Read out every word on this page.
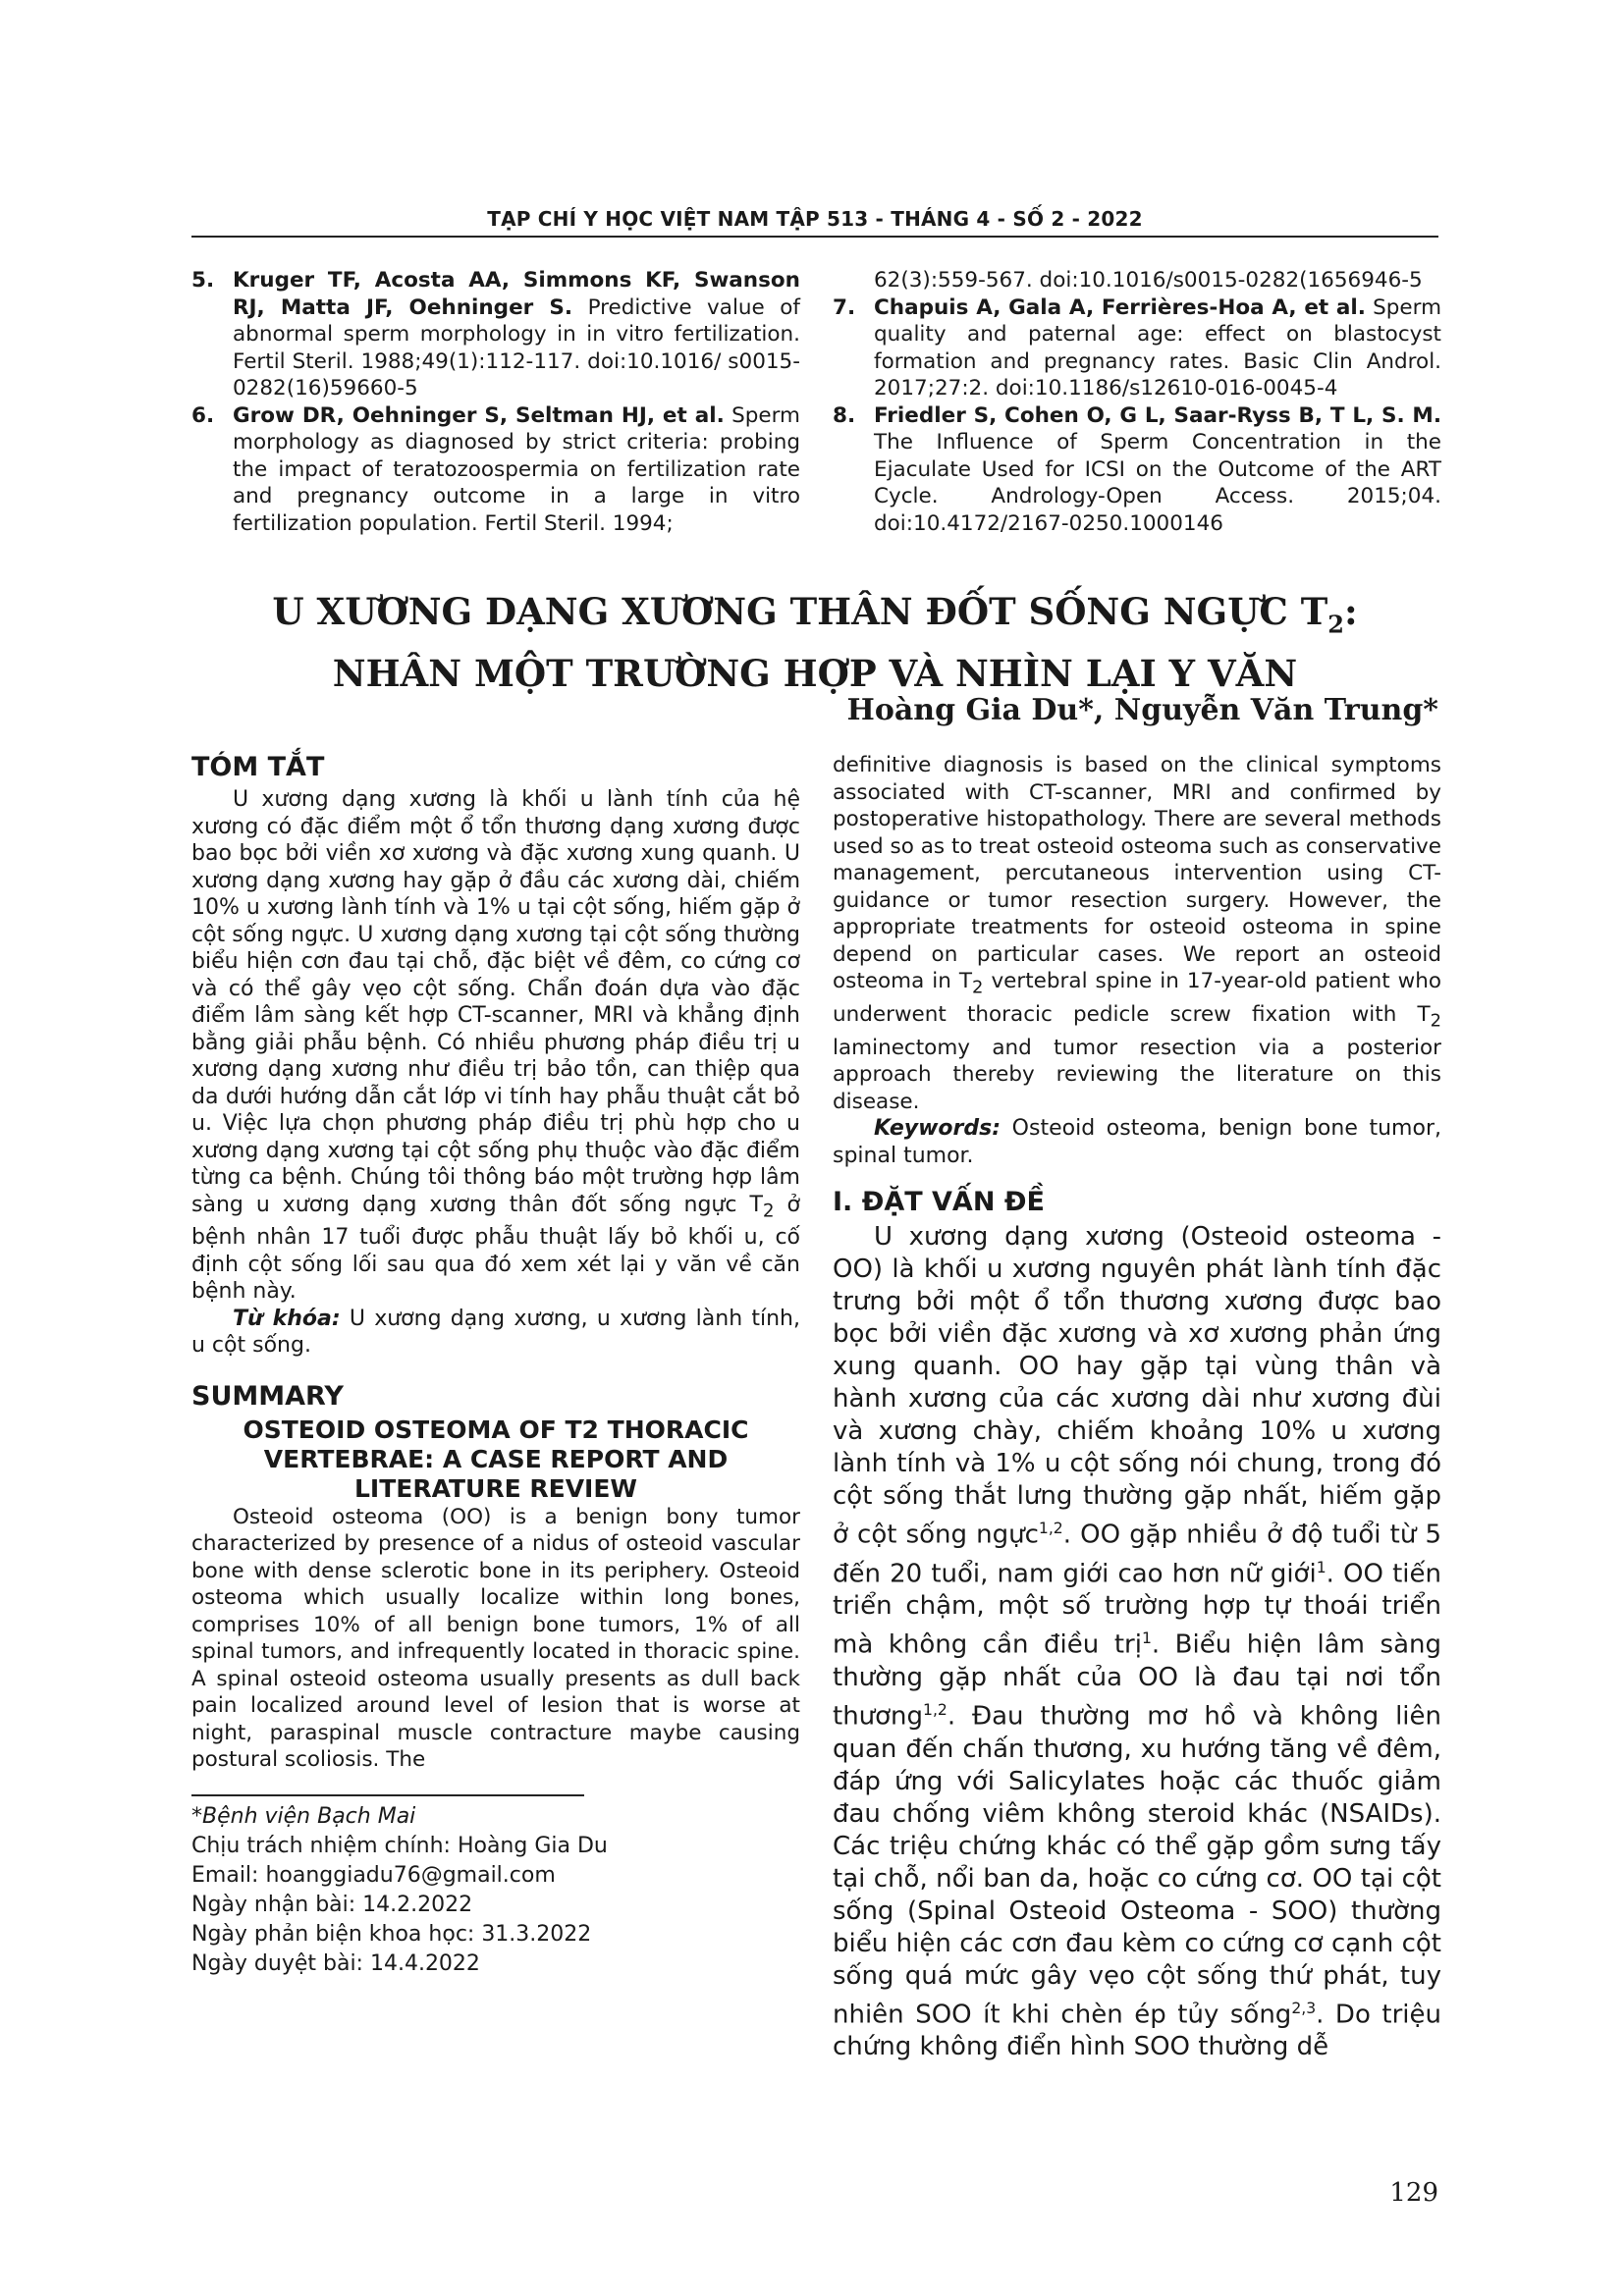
TẠP CHÍ Y HỌC VIỆT NAM TẬP 513 - THÁNG 4 - SỐ 2 - 2022

5. Kruger TF, Acosta AA, Simmons KF, Swanson RJ, Matta JF, Oehninger S. Predictive value of abnormal sperm morphology in in vitro fertilization. Fertil Steril. 1988;49(1):112-117. doi:10.1016/ s0015-0282(16)59660-5

6. Grow DR, Oehninger S, Seltman HJ, et al. Sperm morphology as diagnosed by strict criteria: probing the impact of teratozoospermia on fertilization rate and pregnancy outcome in a large in vitro fertilization population. Fertil Steril. 1994;

62(3):559-567. doi:10.1016/s0015-0282(1656946-5

7. Chapuis A, Gala A, Ferrières-Hoa A, et al. Sperm quality and paternal age: effect on blastocyst formation and pregnancy rates. Basic Clin Androl. 2017;27:2. doi:10.1186/s12610-016-0045-4

8. Friedler S, Cohen O, G L, Saar-Ryss B, T L, S. M. The Influence of Sperm Concentration in the Ejaculate Used for ICSI on the Outcome of the ART Cycle. Andrology-Open Access. 2015;04. doi:10.4172/2167-0250.1000146

U XƯƠNG DẠNG XƯƠNG THÂN ĐỐT SỐNG NGỰC $T_2$:
NHÂN MỘT TRƯỜNG HỢP VÀ NHÌN LẠI Y VĂN
Hoàng Gia Du*, Nguyễn Văn Trung*
TÓM TẮT

U xương dạng xương là khối u lành tính của hệ xương có đặc điểm một ổ tổn thương dạng xương được bao bọc bởi viền xơ xương và đặc xương xung quanh. U xương dạng xương hay gặp ở đầu các xương dài, chiếm 10% u xương lành tính và 1% u tại cột sống, hiếm gặp ở cột sống ngực. U xương dạng xương tại cột sống thường biểu hiện cơn đau tại chỗ, đặc biệt về đêm, co cứng cơ và có thể gây vẹo cột sống. Chẩn đoán dựa vào đặc điểm lâm sàng kết hợp CT-scanner, MRI và khẳng định bằng giải phẫu bệnh. Có nhiều phương pháp điều trị u xương dạng xương như điều trị bảo tồn, can thiệp qua da dưới hướng dẫn cắt lớp vi tính hay phẫu thuật cắt bỏ u. Việc lựa chọn phương pháp điều trị phù hợp cho u xương dạng xương tại cột sống phụ thuộc vào đặc điểm từng ca bệnh. Chúng tôi thông báo một trường hợp lâm sàng u xương dạng xương thân đốt sống ngực $T_2$ ở bệnh nhân 17 tuổi được phẫu thuật lấy bỏ khối u, cố định cột sống lối sau qua đó xem xét lại y văn về căn bệnh này.

Từ khóa: U xương dạng xương, u xương lành tính, u cột sống.

SUMMARY
OSTEOID OSTEOMA OF T2 THORACIC VERTEBRAE: A CASE REPORT AND LITERATURE REVIEW

Osteoid osteoma (OO) is a benign bony tumor characterized by presence of a nidus of osteoid vascular bone with dense sclerotic bone in its periphery. Osteoid osteoma which usually localize within long bones, comprises 10% of all benign bone tumors, 1% of all spinal tumors, and infrequently located in thoracic spine. A spinal osteoid osteoma usually presents as dull back pain localized around level of lesion that is worse at night, paraspinal muscle contracture maybe causing postural scoliosis. The

*Bệnh viện Bạch Mai

Chịu trách nhiệm chính: Hoàng Gia Du

Email: hoanggiadu76@gmail.com

Ngày nhận bài: 14.2.2022

Ngày phản biện khoa học: 31.3.2022

Ngày duyệt bài: 14.4.2022

definitive diagnosis is based on the clinical symptoms associated with CT-scanner, MRI and confirmed by postoperative histopathology. There are several methods used so as to treat osteoid osteoma such as conservative management, percutaneous intervention using CT-guidance or tumor resection surgery. However, the appropriate treatments for osteoid osteoma in spine depend on particular cases. We report an osteoid osteoma in $T_2$ vertebral spine in 17-year-old patient who underwent thoracic pedicle screw fixation with $T_2$ laminectomy and tumor resection via a posterior approach thereby reviewing the literature on this disease.

Keywords: Osteoid osteoma, benign bone tumor, spinal tumor.

I. ĐẶT VẤN ĐỀ

U xương dạng xương (Osteoid osteoma - OO) là khối u xương nguyên phát lành tính đặc trưng bởi một ổ tổn thương xương được bao bọc bởi viền đặc xương và xơ xương phản ứng xung quanh. OO hay gặp tại vùng thân và hành xương của các xương dài như xương đùi và xương chày, chiếm khoảng 10% u xương lành tính và 1% u cột sống nói chung, trong đó cột sống thắt lưng thường gặp nhất, hiếm gặp ở cột sống ngực$^{1,2}$. OO gặp nhiều ở độ tuổi từ 5 đến 20 tuổi, nam giới cao hơn nữ giới$^1$. OO tiến triển chậm, một số trường hợp tự thoái triển mà không cần điều trị$^1$. Biểu hiện lâm sàng thường gặp nhất của OO là đau tại nơi tổn thương$^{1,2}$. Đau thường mơ hồ và không liên quan đến chấn thương, xu hướng tăng về đêm, đáp ứng với Salicylates hoặc các thuốc giảm đau chống viêm không steroid khác (NSAIDs). Các triệu chứng khác có thể gặp gồm sưng tấy tại chỗ, nổi ban da, hoặc co cứng cơ. OO tại cột sống (Spinal Osteoid Osteoma - SOO) thường biểu hiện các cơn đau kèm co cứng cơ cạnh cột sống quá mức gây vẹo cột sống thứ phát, tuy nhiên SOO ít khi chèn ép tủy sống$^{2,3}$. Do triệu chứng không điển hình SOO thường dễ

129
